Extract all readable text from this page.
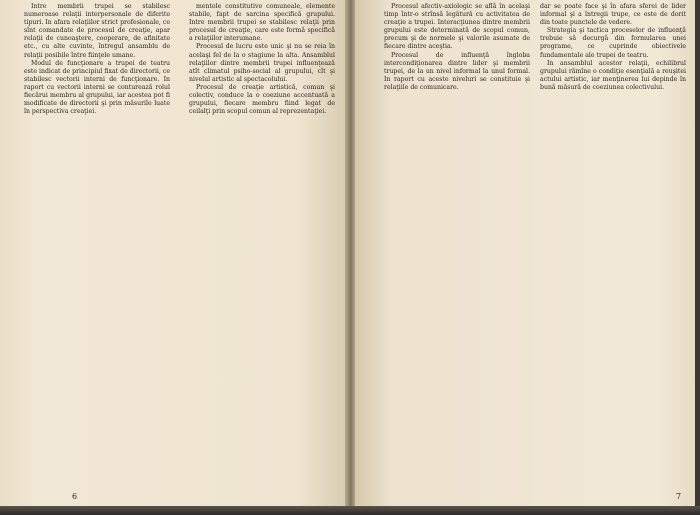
Intre membrii trupei se stabilesc numeroase relaţii interpersonale de diferite tipuri. In afara relaţiilor strict profesionale, ce sînt comandate de procesul de creaţie, apar relaţii de cunoaştere, cooperare, de afinitate etc., cu alte cuvinte, întregul ansamblu de relaţii posibile între fiinţele umane.

Modul de funcţionare a trupei de teatru este indicat de principiul fixat de directorii, ce stabilesc vectorii interni de funcţionare. In raport cu vectorii interni se conturează rolul fiecărui membru al grupului, iar acestea pot fi modificate de directorii şi prin măsurile luate în perspectiva creaţiei.

mentele constitutive comuneale, elemente stabile, fapt de sarcina specifică grupului. Intre membrii trupei se stabilesc relaţii prin procesul de creaţie, care este formă specifică a relaţiilor interumane.

Procesul de lucru este unic şi nu se reia în acelaşi fel de la o stagiune la alta. Ansamblul relaţiilor dintre membrii trupei influenţează atît climatul psiho-social al grupului, cît şi nivelul artistic al spectacolului.

Procesul de creaţie artistică, comun şi colectiv, conduce la o coeziune accentuată a grupului, fiecare membru fiind legat de ceilalţi prin scopul comun al reprezentaţiei.

6

Procesul afectiv-axiologic se află în acelaşi timp într-o strînsă legătură cu activitatea de creaţie a trupei. Interacţiunea dintre membrii grupului este determinată de scopul comun, precum şi de normele şi valorile asumate de fiecare dintre aceştia.

Procesul de influenţă îngloba intercondiţionarea dintre lider şi membrii trupei, de la un nivel informal la unul formal. In raport cu aceste niveluri se constituie şi relaţiile de comunicare.

dar se poate face şi în afara sferei de lider informal şi a întregii trupe, ce este de dorit din toate punctele de vedere.

Strategia şi tactica proceselor de influenţă trebuie să decurgă din formularea unei programe, ce cuprinde obiectivele fundamentale ale trupei de teatru.

In ansamblul acestor relaţii, echilibrul grupului rămîne o condiţie esenţială a reuşitei actului artistic, iar menţinerea lui depinde în bună măsură de coeziunea colectivului.

7
